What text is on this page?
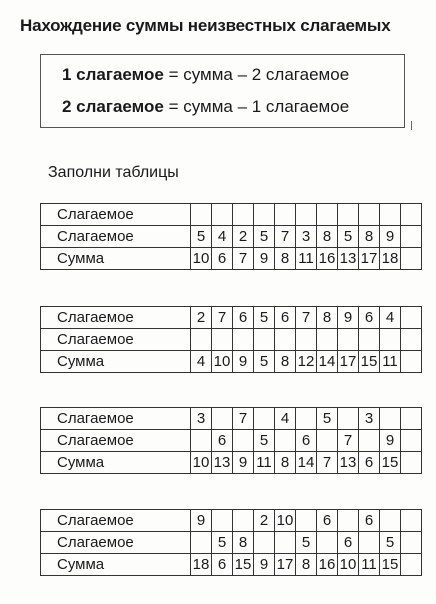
Нахождение суммы неизвестных слагаемых
1 слагаемое = сумма – 2 слагаемое
2 слагаемое = сумма – 1 слагаемое
Заполни таблицы
Слагаемое											
Слагаемое	5	4	2	5	7	3	8	5	8	9	
Сумма	10	6	7	9	8	11	16	13	17	18	
Слагаемое	2	7	6	5	6	7	8	9	6	4	
Слагаемое											
Сумма	4	10	9	5	8	12	14	17	15	11	
Слагаемое	3		7		4		5		3		
Слагаемое		6		5		6		7		9	
Сумма	10	13	9	11	8	14	7	13	6	15	
Слагаемое	9			2	10		6		6		
Слагаемое		5	8			5		6		5	
Сумма	18	6	15	9	17	8	16	10	11	15	
